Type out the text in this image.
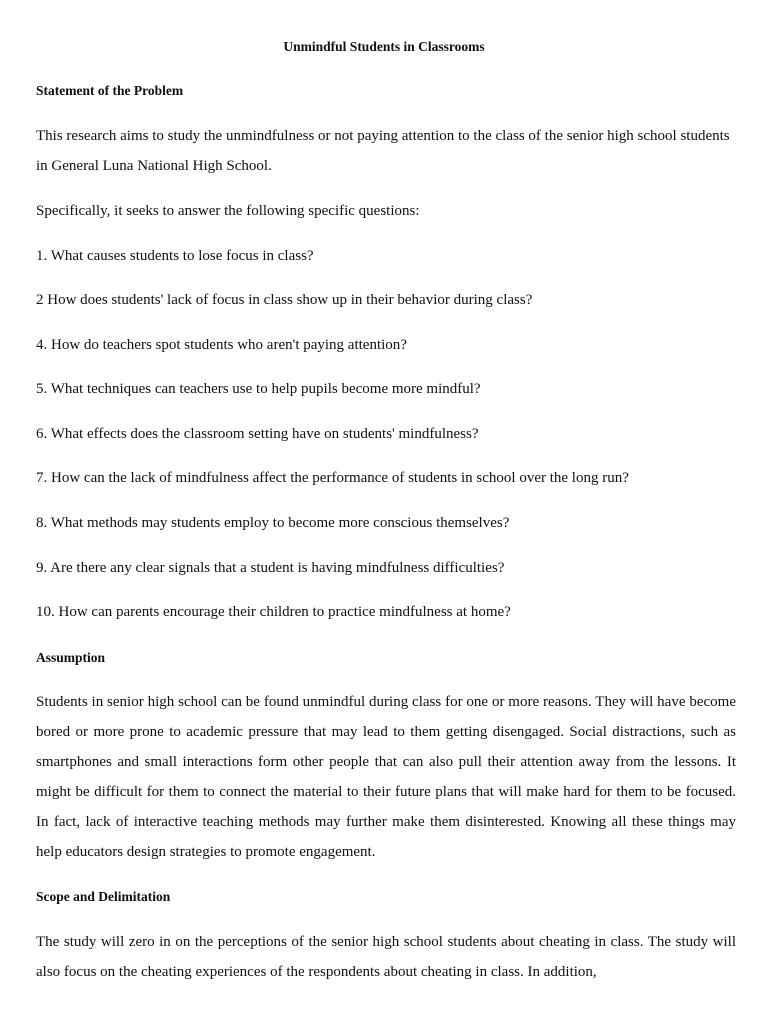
Unmindful Students in Classrooms
Statement of the Problem

This research aims to study the unmindfulness or not paying attention to the class of the senior high school students in General Luna National High School.

Specifically, it seeks to answer the following specific questions:
1. What causes students to lose focus in class?
2 How does students' lack of focus in class show up in their behavior during class?
4. How do teachers spot students who aren't paying attention?
5. What techniques can teachers use to help pupils become more mindful?
6. What effects does the classroom setting have on students' mindfulness?
7. How can the lack of mindfulness affect the performance of students in school over the long run?
8. What methods may students employ to become more conscious themselves?
9. Are there any clear signals that a student is having mindfulness difficulties?
10. How can parents encourage their children to practice mindfulness at home?
Assumption

Students in senior high school can be found unmindful during class for one or more reasons. They will have become bored or more prone to academic pressure that may lead to them getting disengaged. Social distractions, such as smartphones and small interactions form other people that can also pull their attention away from the lessons. It might be difficult for them to connect the material to their future plans that will make hard for them to be focused. In fact, lack of interactive teaching methods may further make them disinterested. Knowing all these things may help educators design strategies to promote engagement.

Scope and Delimitation

The study will zero in on the perceptions of the senior high school students about cheating in class. The study will also focus on the cheating experiences of the respondents about cheating in class. In addition,
